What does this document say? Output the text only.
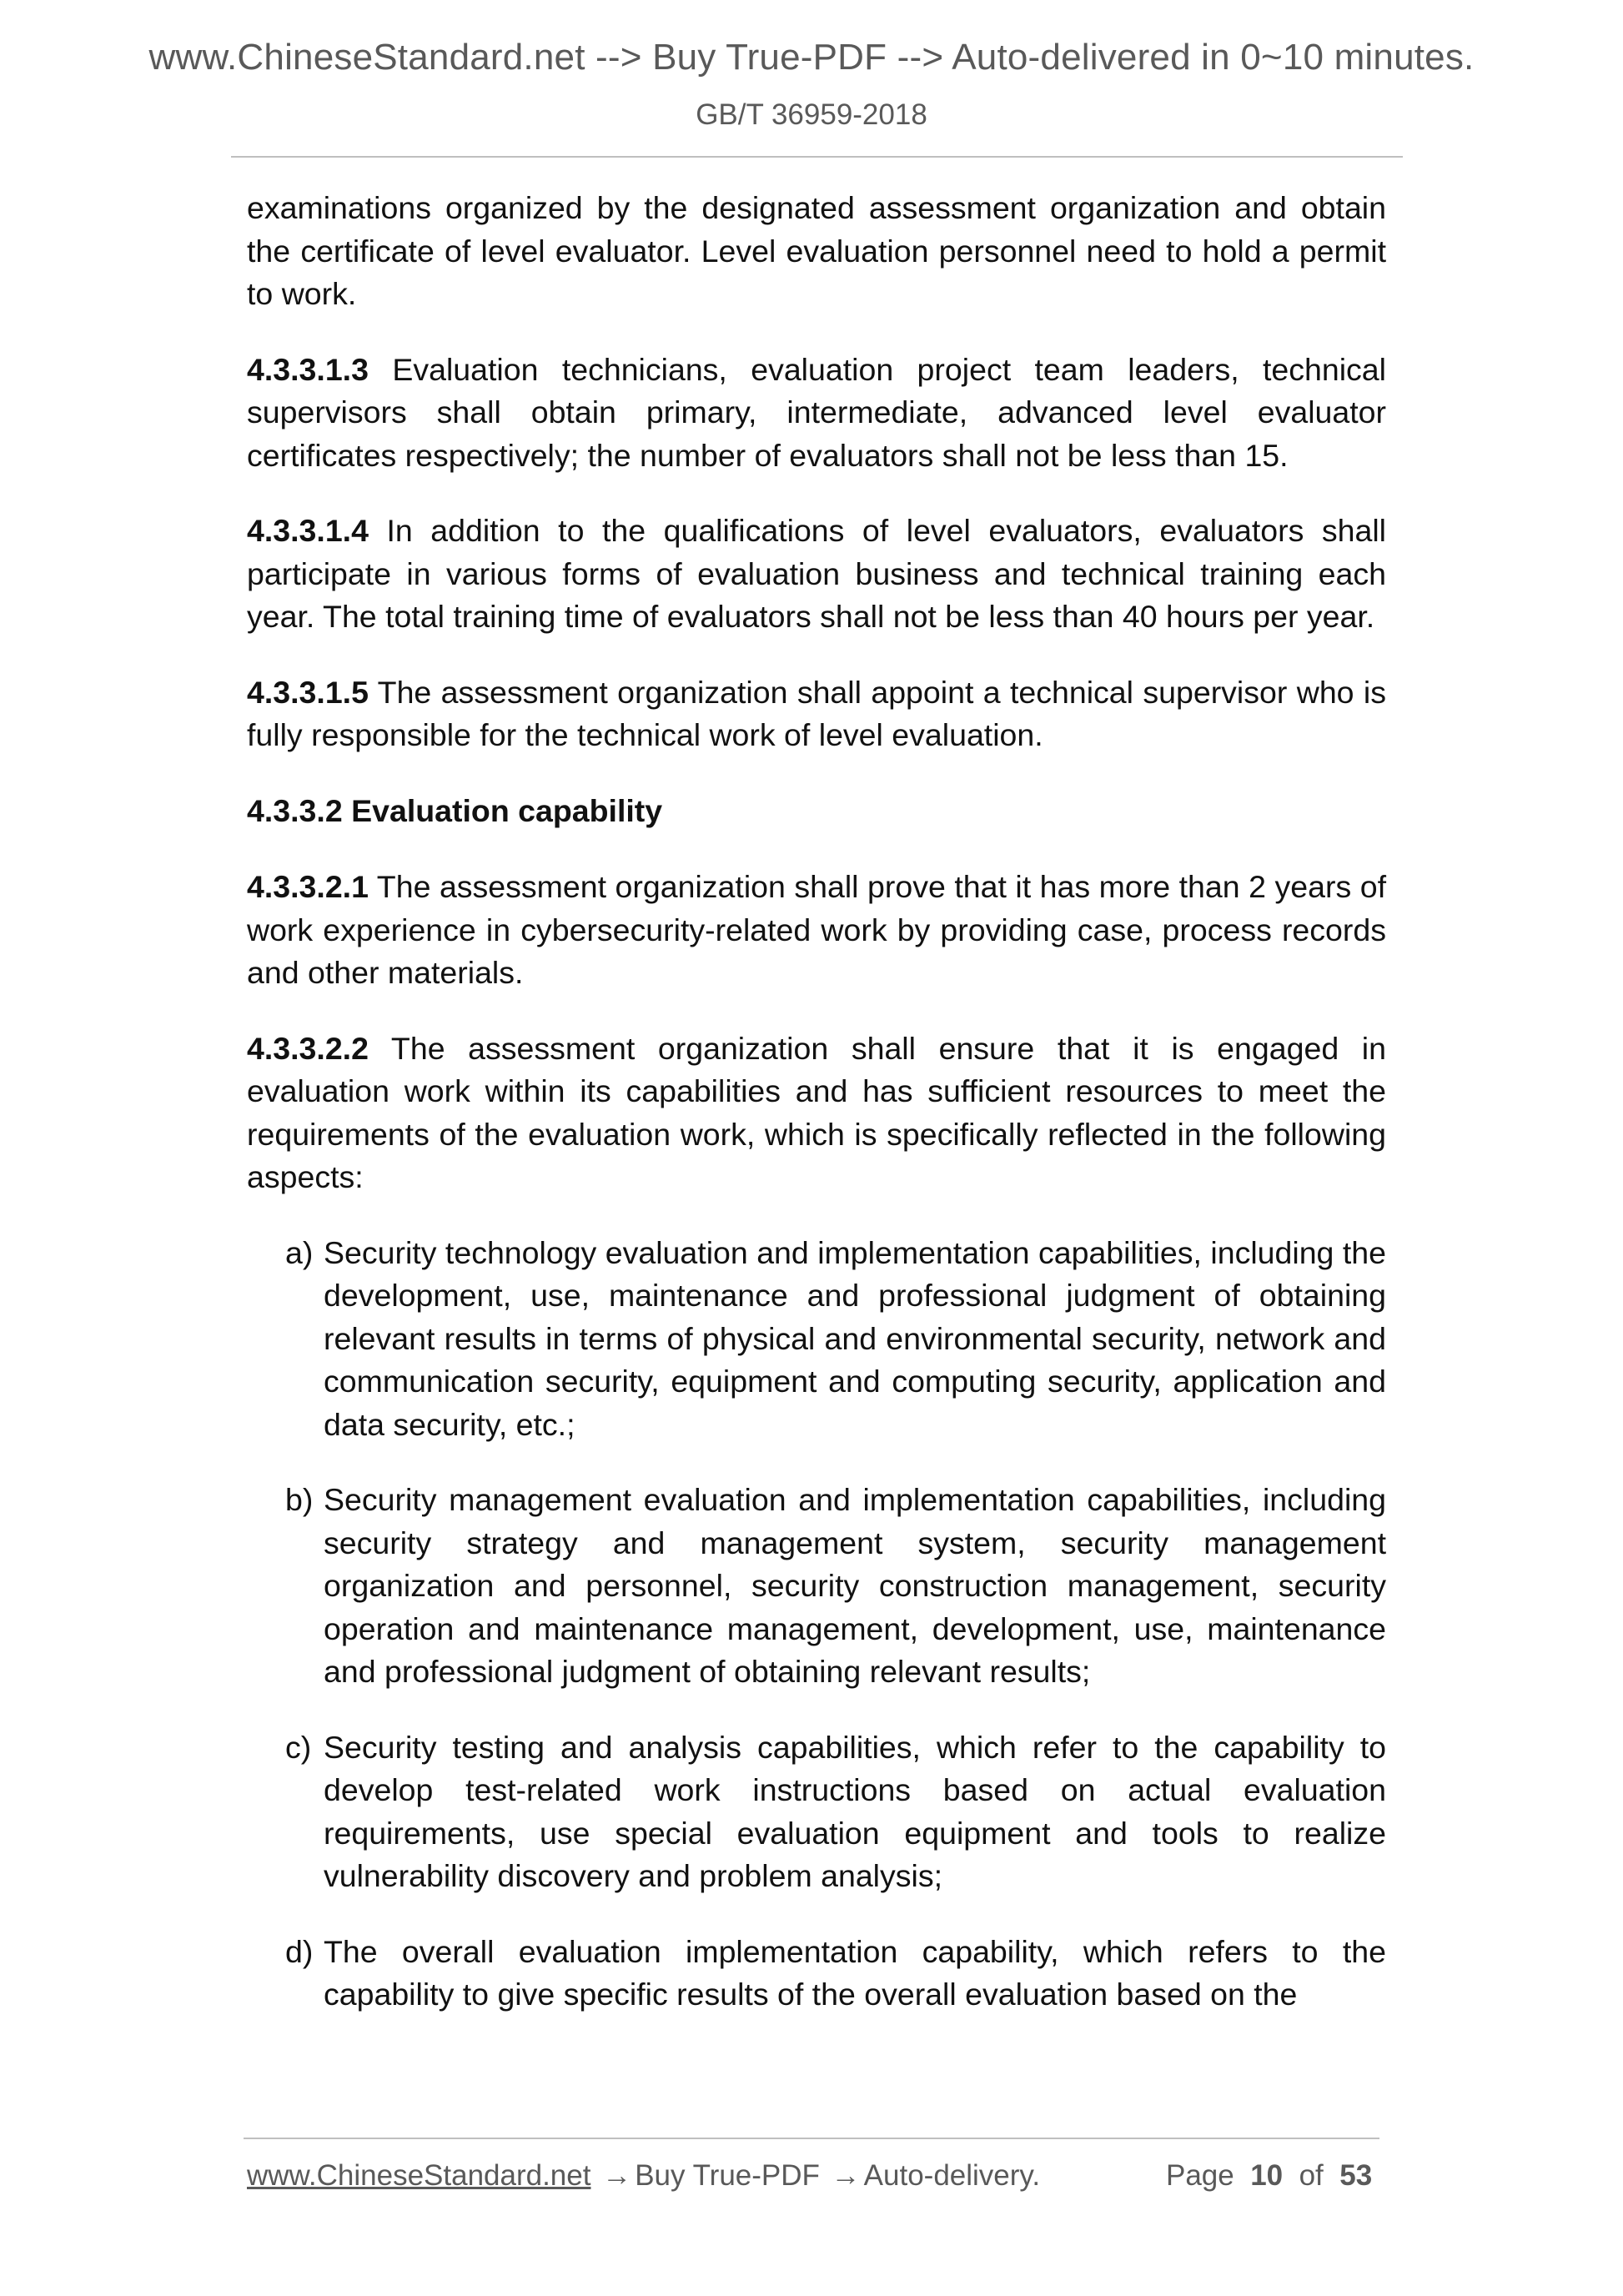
www.ChineseStandard.net --> Buy True-PDF --> Auto-delivered in 0~10 minutes.
GB/T 36959-2018

examinations organized by the designated assessment organization and obtain the certificate of level evaluator. Level evaluation personnel need to hold a permit to work.

4.3.3.1.3 Evaluation technicians, evaluation project team leaders, technical supervisors shall obtain primary, intermediate, advanced level evaluator certificates respectively; the number of evaluators shall not be less than 15.

4.3.3.1.4 In addition to the qualifications of level evaluators, evaluators shall participate in various forms of evaluation business and technical training each year. The total training time of evaluators shall not be less than 40 hours per year.

4.3.3.1.5 The assessment organization shall appoint a technical supervisor who is fully responsible for the technical work of level evaluation.

4.3.3.2 Evaluation capability

4.3.3.2.1 The assessment organization shall prove that it has more than 2 years of work experience in cybersecurity-related work by providing case, process records and other materials.

4.3.3.2.2 The assessment organization shall ensure that it is engaged in evaluation work within its capabilities and has sufficient resources to meet the requirements of the evaluation work, which is specifically reflected in the following aspects:

a) Security technology evaluation and implementation capabilities, including the development, use, maintenance and professional judgment of obtaining relevant results in terms of physical and environmental security, network and communication security, equipment and computing security, application and data security, etc.;
b) Security management evaluation and implementation capabilities, including security strategy and management system, security management organization and personnel, security construction management, security operation and maintenance management, development, use, maintenance and professional judgment of obtaining relevant results;
c) Security testing and analysis capabilities, which refer to the capability to develop test-related work instructions based on actual evaluation requirements, use special evaluation equipment and tools to realize vulnerability discovery and problem analysis;
d) The overall evaluation implementation capability, which refers to the capability to give specific results of the overall evaluation based on the
www.ChineseStandard.net → Buy True-PDF → Auto-delivery.	Page 10 of 53
